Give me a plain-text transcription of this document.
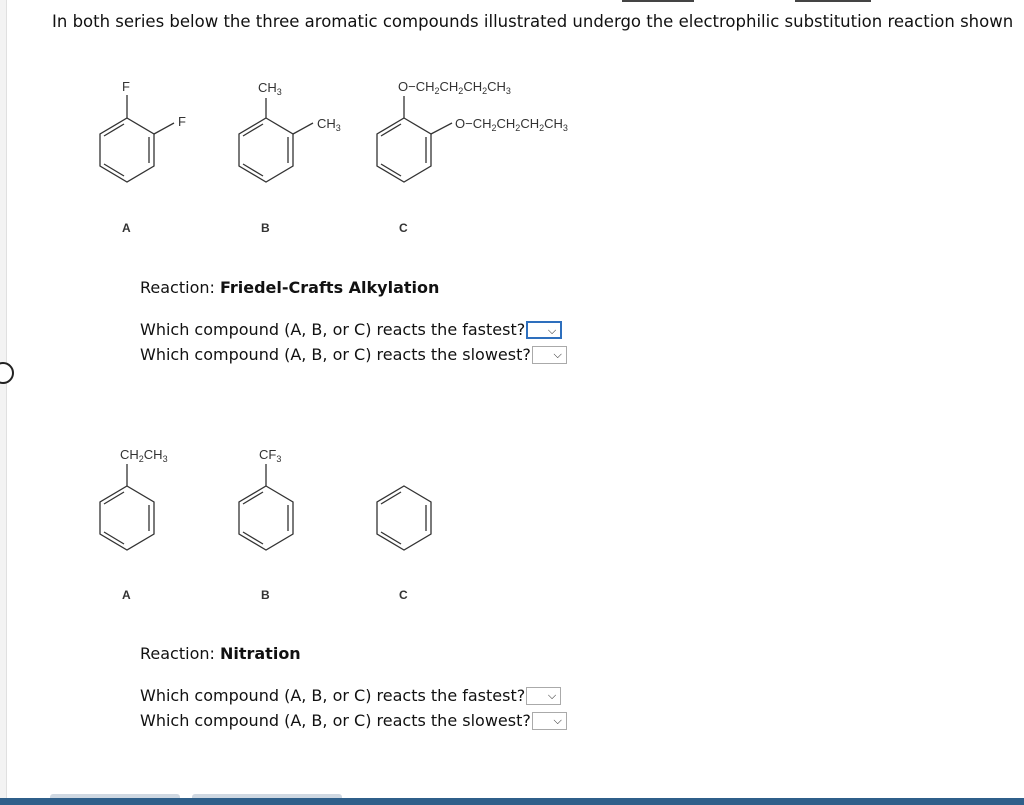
In both series below the three aromatic compounds illustrated undergo the electrophilic substitution reaction shown
F
F
$CH_3$
$CH_3$
$O-CH_2CH_2CH_2CH_3$
$O-CH_2CH_2CH_2CH_3$
A	B	C
Reaction: Friedel-Crafts Alkylation
Which compound (A, B, or C) reacts the fastest? ⌵
Which compound (A, B, or C) reacts the slowest? ⌵
$CH_2CH_3$	$CF_3$
A	B	C
Reaction: Nitration
Which compound (A, B, or C) reacts the fastest? ⌵
Which compound (A, B, or C) reacts the slowest? ⌵
